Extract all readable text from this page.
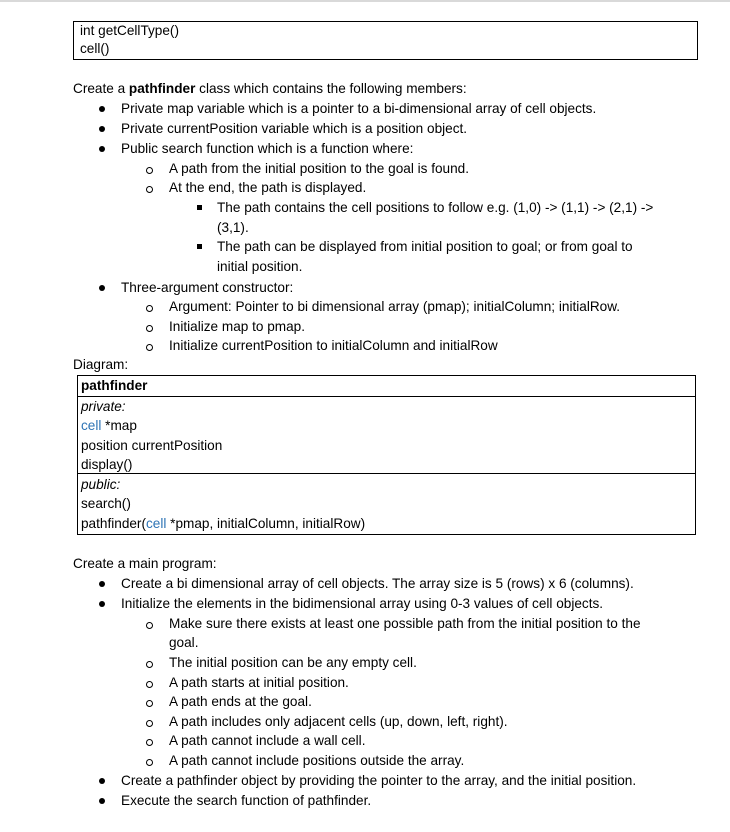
int getCellType()
cell()
Create a pathfinder class which contains the following members:
Private map variable which is a pointer to a bi-dimensional array of cell objects.
Private currentPosition variable which is a position object.
Public search function which is a function where:
A path from the initial position to the goal is found.
At the end, the path is displayed.
The path contains the cell positions to follow e.g. (1,0) -> (1,1) -> (2,1) ->
(3,1).
The path can be displayed from initial position to goal; or from goal to
initial position.
Three-argument constructor:
Argument: Pointer to bi dimensional array (pmap); initialColumn; initialRow.
Initialize map to pmap.
Initialize currentPosition to initialColumn and initialRow
Diagram:
pathfinder
private:
cell *map
position currentPosition
display()
public:
search()
pathfinder(cell *pmap, initialColumn, initialRow)
Create a main program:
Create a bi dimensional array of cell objects. The array size is 5 (rows) x 6 (columns).
Initialize the elements in the bidimensional array using 0-3 values of cell objects.
Make sure there exists at least one possible path from the initial position to the
goal.
The initial position can be any empty cell.
A path starts at initial position.
A path ends at the goal.
A path includes only adjacent cells (up, down, left, right).
A path cannot include a wall cell.
A path cannot include positions outside the array.
Create a pathfinder object by providing the pointer to the array, and the initial position.
Execute the search function of pathfinder.
